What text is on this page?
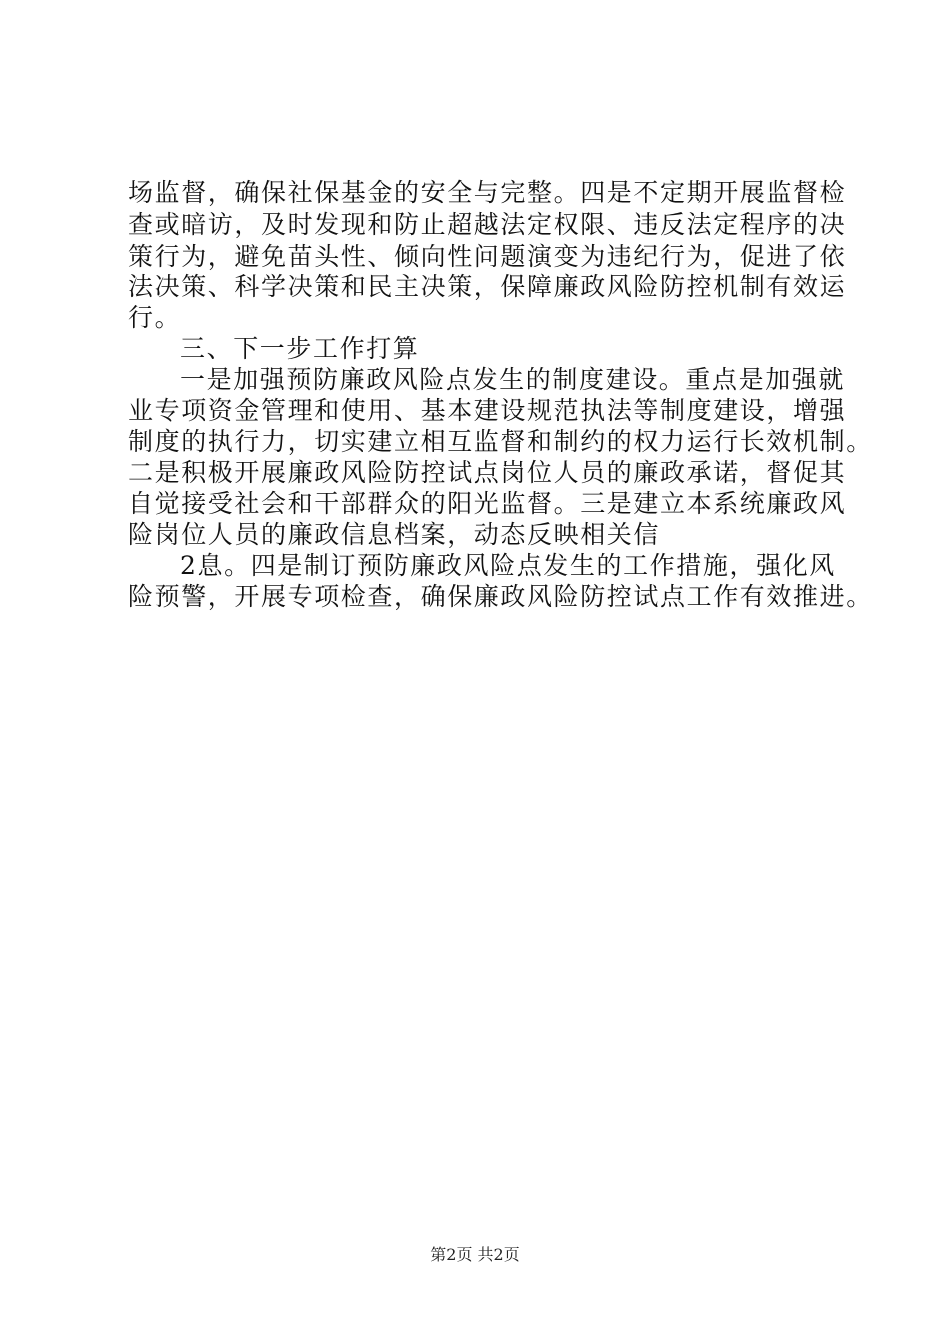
场监督，确保社保基金的安全与完整。四是不定期开展监督检
查或暗访，及时发现和防止超越法定权限、违反法定程序的决
策行为，避免苗头性、倾向性问题演变为违纪行为，促进了依
法决策、科学决策和民主决策，保障廉政风险防控机制有效运
行。
三、下一步工作打算
一是加强预防廉政风险点发生的制度建设。重点是加强就
业专项资金管理和使用、基本建设规范执法等制度建设，增强
制度的执行力，切实建立相互监督和制约的权力运行长效机制。
二是积极开展廉政风险防控试点岗位人员的廉政承诺，督促其
自觉接受社会和干部群众的阳光监督。三是建立本系统廉政风
险岗位人员的廉政信息档案，动态反映相关信
2息。四是制订预防廉政风险点发生的工作措施，强化风
险预警，开展专项检查，确保廉政风险防控试点工作有效推进。
第2页 共2页
